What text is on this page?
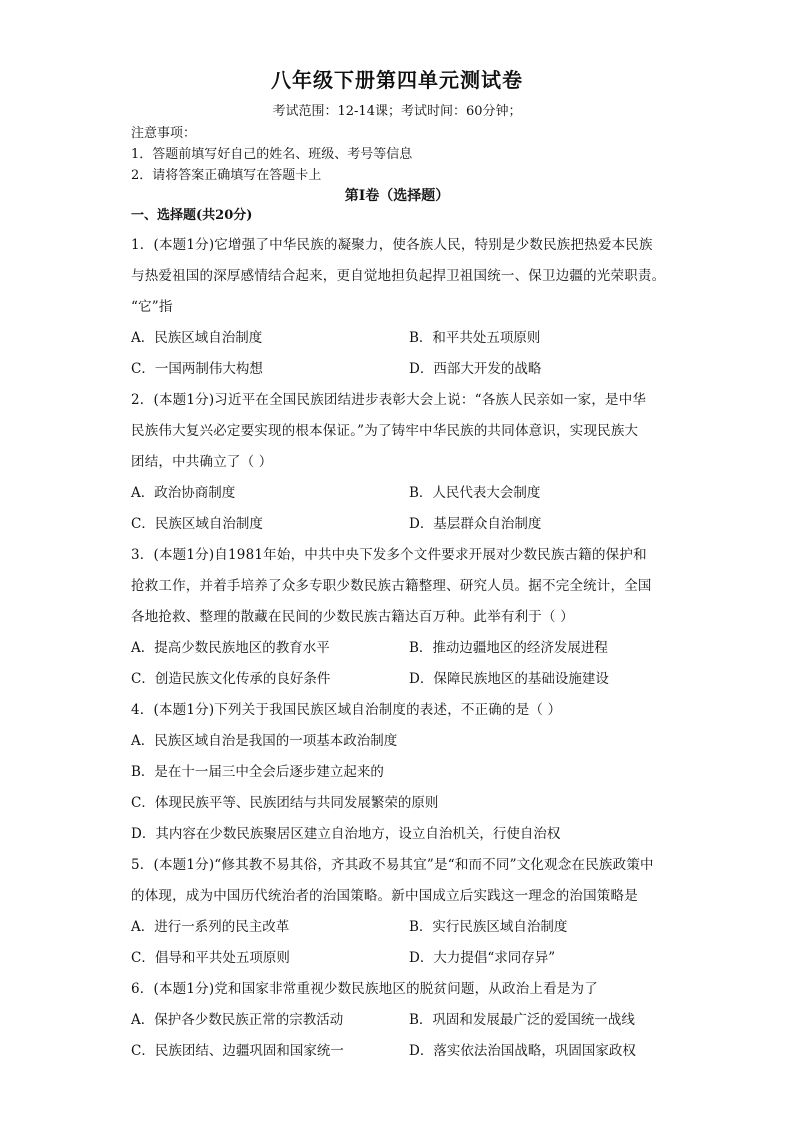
八年级下册第四单元测试卷
考试范围：12-14课；考试时间：60分钟；
注意事项：
1．答题前填写好自己的姓名、班级、考号等信息
2．请将答案正确填写在答题卡上
第I卷（选择题）
一、选择题(共20分)
1．(本题1分)它增强了中华民族的凝聚力，使各族人民，特别是少数民族把热爱本民族
与热爱祖国的深厚感情结合起来，更自觉地担负起捍卫祖国统一、保卫边疆的光荣职责。
“它”指
A．民族区域自治制度	B．和平共处五项原则
C．一国两制伟大构想	D．西部大开发的战略
2．(本题1分)习近平在全国民族团结进步表彰大会上说：“各族人民亲如一家，是中华
民族伟大复兴必定要实现的根本保证。”为了铸牢中华民族的共同体意识，实现民族大
团结，中共确立了（ ）
A．政治协商制度	B．人民代表大会制度
C．民族区域自治制度	D．基层群众自治制度
3．(本题1分)自1981年始，中共中央下发多个文件要求开展对少数民族古籍的保护和
抢救工作，并着手培养了众多专职少数民族古籍整理、研究人员。据不完全统计，全国
各地抢救、整理的散藏在民间的少数民族古籍达百万种。此举有利于（ ）
A．提高少数民族地区的教育水平	B．推动边疆地区的经济发展进程
C．创造民族文化传承的良好条件	D．保障民族地区的基础设施建设
4．(本题1分)下列关于我国民族区域自治制度的表述，不正确的是（ ）
A．民族区域自治是我国的一项基本政治制度
B．是在十一届三中全会后逐步建立起来的
C．体现民族平等、民族团结与共同发展繁荣的原则
D．其内容在少数民族聚居区建立自治地方，设立自治机关，行使自治权
5．(本题1分)“修其教不易其俗，齐其政不易其宜”是“和而不同”文化观念在民族政策中
的体现，成为中国历代统治者的治国策略。新中国成立后实践这一理念的治国策略是
A．进行一系列的民主改革	B．实行民族区域自治制度
C．倡导和平共处五项原则	D．大力提倡“求同存异”
6．(本题1分)党和国家非常重视少数民族地区的脱贫问题，从政治上看是为了
A．保护各少数民族正常的宗教活动	B．巩固和发展最广泛的爱国统一战线
C．民族团结、边疆巩固和国家统一	D．落实依法治国战略，巩固国家政权
